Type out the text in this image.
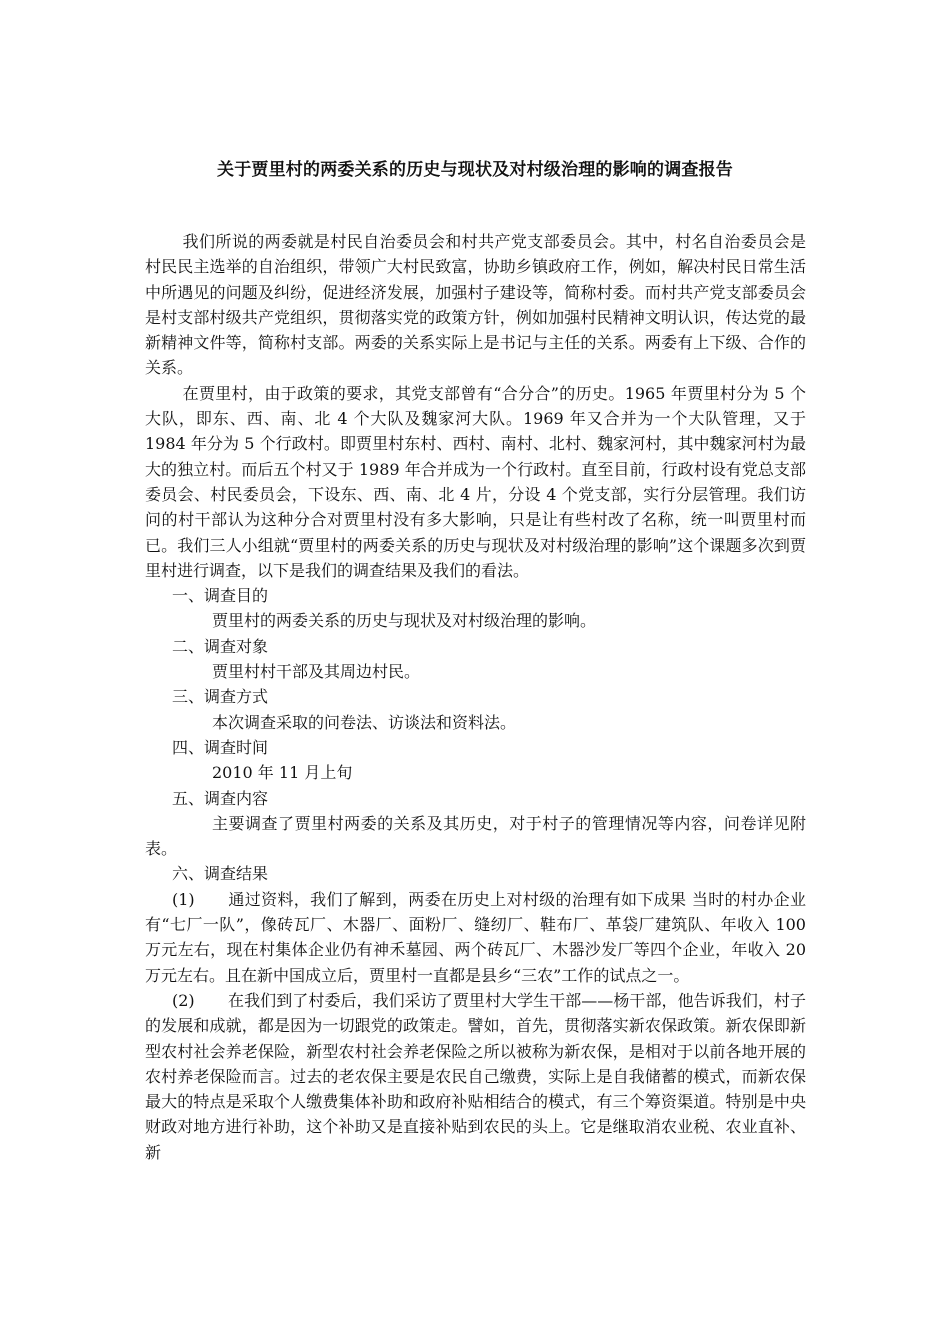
关于贾里村的两委关系的历史与现状及对村级治理的影响的调查报告

我们所说的两委就是村民自治委员会和村共产党支部委员会。其中，村名自治委员会是村民民主选举的自治组织，带领广大村民致富，协助乡镇政府工作，例如，解决村民日常生活中所遇见的问题及纠纷，促进经济发展，加强村子建设等，简称村委。而村共产党支部委员会是村支部村级共产党组织，贯彻落实党的政策方针，例如加强村民精神文明认识，传达党的最新精神文件等，简称村支部。两委的关系实际上是书记与主任的关系。两委有上下级、合作的关系。

在贾里村，由于政策的要求，其党支部曾有“合分合”的历史。1965 年贾里村分为 5 个大队，即东、西、南、北 4 个大队及魏家河大队。1969 年又合并为一个大队管理，又于 1984 年分为 5 个行政村。即贾里村东村、西村、南村、北村、魏家河村，其中魏家河村为最大的独立村。而后五个村又于 1989 年合并成为一个行政村。直至目前，行政村设有党总支部委员会、村民委员会，下设东、西、南、北 4 片，分设 4 个党支部，实行分层管理。我们访问的村干部认为这种分合对贾里村没有多大影响，只是让有些村改了名称，统一叫贾里村而已。我们三人小组就“贾里村的两委关系的历史与现状及对村级治理的影响”这个课题多次到贾里村进行调查，以下是我们的调查结果及我们的看法。

一、调查目的

贾里村的两委关系的历史与现状及对村级治理的影响。

二、调查对象

贾里村村干部及其周边村民。

三、调查方式

本次调查采取的问卷法、访谈法和资料法。

四、调查时间

2010 年 11 月上旬

五、调查内容

主要调查了贾里村两委的关系及其历史，对于村子的管理情况等内容，问卷详见附表。

六、调查结果

(1) 通过资料，我们了解到，两委在历史上对村级的治理有如下成果 当时的村办企业有“七厂一队”，像砖瓦厂、木器厂、面粉厂、缝纫厂、鞋布厂、革袋厂建筑队、年收入 100 万元左右，现在村集体企业仍有神禾墓园、两个砖瓦厂、木器沙发厂等四个企业，年收入 20 万元左右。且在新中国成立后，贾里村一直都是县乡“三农”工作的试点之一。

(2) 在我们到了村委后，我们采访了贾里村大学生干部——杨干部，他告诉我们，村子的发展和成就，都是因为一切跟党的政策走。譬如，首先，贯彻落实新农保政策。新农保即新型农村社会养老保险，新型农村社会养老保险之所以被称为新农保，是相对于以前各地开展的农村养老保险而言。过去的老农保主要是农民自己缴费，实际上是自我储蓄的模式，而新农保最大的特点是采取个人缴费集体补助和政府补贴相结合的模式，有三个筹资渠道。特别是中央财政对地方进行补助，这个补助又是直接补贴到农民的头上。它是继取消农业税、农业直补、新
